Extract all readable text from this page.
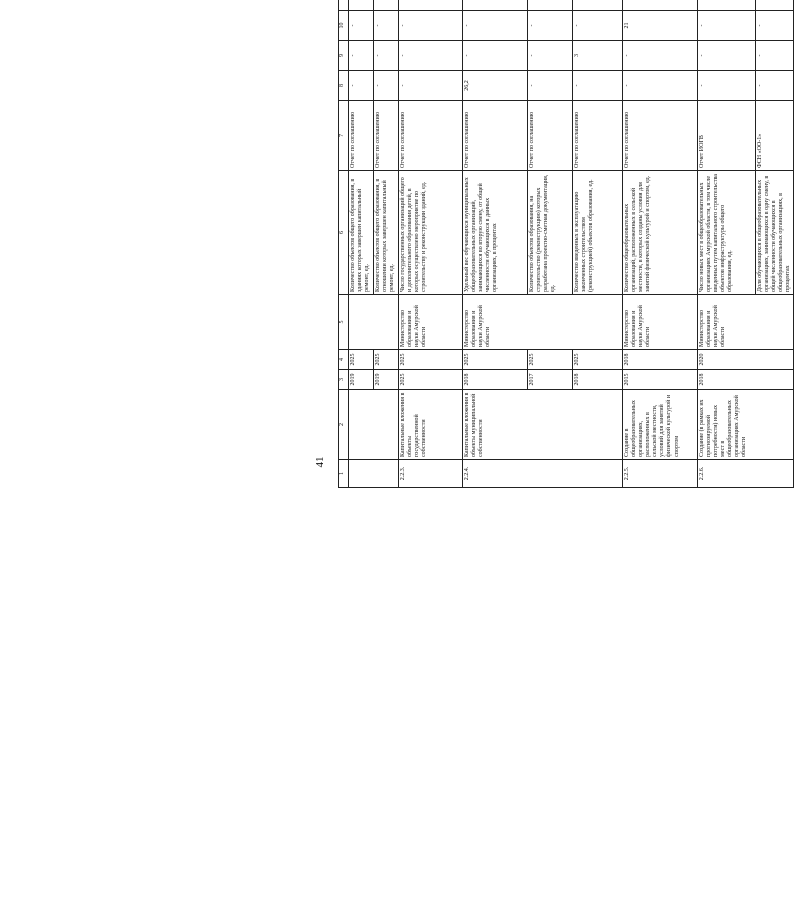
41
1	2	3	4	5	6	7	8	9	10										
		2019	2025		Количество объектов общего образования, в зданиях которых завершен капитальный ремонт, ед.	Отчет по соглашению	-	-	-										
		2019	2025		Количество объектов общего образования, в отношении которых завершен капитальный ремонт, ед.	Отчет по соглашению	-	-	-										
2.2.3.	Капитальные вложения в объекты государственной собственности	2025	2025	Министерство образования и науки Амурской области	Число государственных организаций общего и дополнительного образования детей, в которых осуществлено мероприятие по строительству и реконструкции зданий, ед.	Отчет по соглашению	-	-	-										
2.2.4.	Капитальные вложения в объекты муниципальной собственности	2018	2025	Министерство образования и науки Амурской области	Удельный вес обучающихся муниципальных общеобразовательных организаций, занимающихся во вторую смену, от общей численности обучающихся в данных организациях, в процентах	Отчет по соглашению	26,2	-	-										
		2017	2025		Количество объектов образования, на строительство (реконструкцию) которых разработана проектно-сметная документация, ед.	Отчет по соглашению	-	-	-										
		2018	2025		Количество введенных в эксплуатацию законченных строительством (реконструкцией) объектов образования, ед.	Отчет по соглашению	-	3	-										
2.2.5.	Создание в общеобразовательных организациях, расположенных в сельской местности, условий для занятий физической культурой и спортом	2015	2018	Министерство образования и науки Амурской области	Количество общеобразовательных организаций, расположенных в сельской местности, в которых созданы условия для занятий физической культурой и спортом, ед.	Отчет по соглашению	-	-	21										
2.2.6.	Создание (в рамках их прогнозируемой потребности) новых мест в общеобразовательных организациях Амурской области	2018	2020	Министерство образования и науки Амурской области	Число новых мест в общеобразовательных организациях Амурской области, в том числе введенных путем капитального строительства объектов инфраструктуры общего образования, ед.	Отчет ИОГВ	-	-	-										
					Доля обучающихся в общеобразовательных организациях, занимающихся в одну смену, в общей численности обучающихся в общеобразовательных организациях, в процентах	ФСН «ОО-1»	-	-	-										
